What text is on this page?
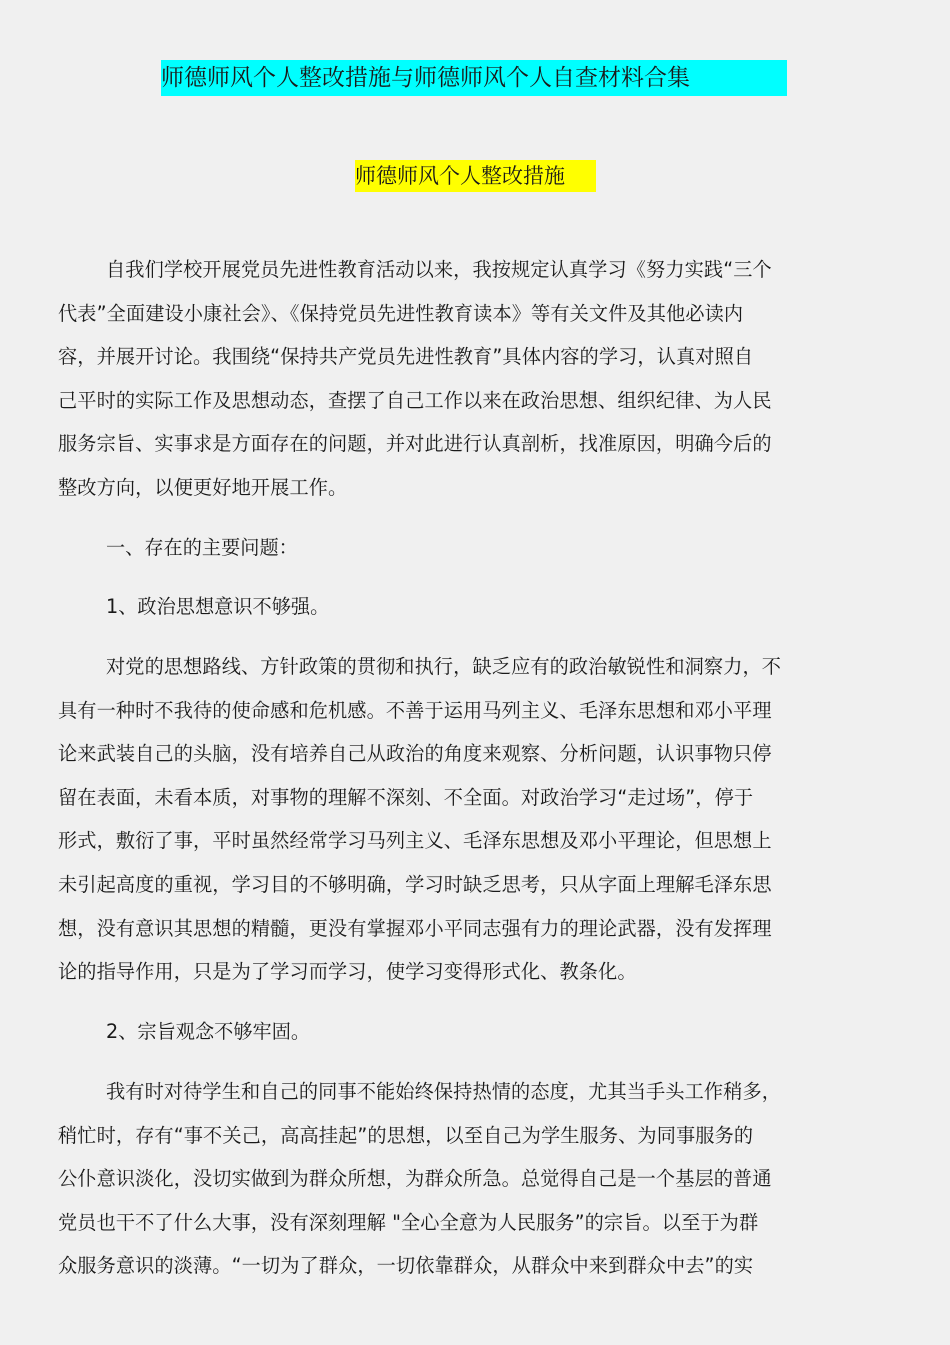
师德师风个人整改措施与师德师风个人自查材料合集
师德师风个人整改措施
自我们学校开展党员先进性教育活动以来，我按规定认真学习《努力实践“三个
代表”全面建设小康社会》、《保持党员先进性教育读本》等有关文件及其他必读内
容，并展开讨论。我围绕“保持共产党员先进性教育”具体内容的学习，认真对照自
己平时的实际工作及思想动态，查摆了自己工作以来在政治思想、组织纪律、为人民
服务宗旨、实事求是方面存在的问题，并对此进行认真剖析，找准原因，明确今后的
整改方向，以便更好地开展工作。
一、存在的主要问题：
1、政治思想意识不够强。
对党的思想路线、方针政策的贯彻和执行，缺乏应有的政治敏锐性和洞察力，不
具有一种时不我待的使命感和危机感。不善于运用马列主义、毛泽东思想和邓小平理
论来武装自己的头脑，没有培养自己从政治的角度来观察、分析问题，认识事物只停
留在表面，未看本质，对事物的理解不深刻、不全面。对政治学习“走过场”，停于
形式，敷衍了事，平时虽然经常学习马列主义、毛泽东思想及邓小平理论，但思想上
未引起高度的重视，学习目的不够明确，学习时缺乏思考，只从字面上理解毛泽东思
想，没有意识其思想的精髓，更没有掌握邓小平同志强有力的理论武器，没有发挥理
论的指导作用，只是为了学习而学习，使学习变得形式化、教条化。
2、宗旨观念不够牢固。
我有时对待学生和自己的同事不能始终保持热情的态度，尤其当手头工作稍多，
稍忙时，存有“事不关己，高高挂起”的思想，以至自己为学生服务、为同事服务的
公仆意识淡化，没切实做到为群众所想，为群众所急。总觉得自己是一个基层的普通
党员也干不了什么大事，没有深刻理解 "全心全意为人民服务”的宗旨。以至于为群
众服务意识的淡薄。“一切为了群众，一切依靠群众，从群众中来到群众中去”的实
